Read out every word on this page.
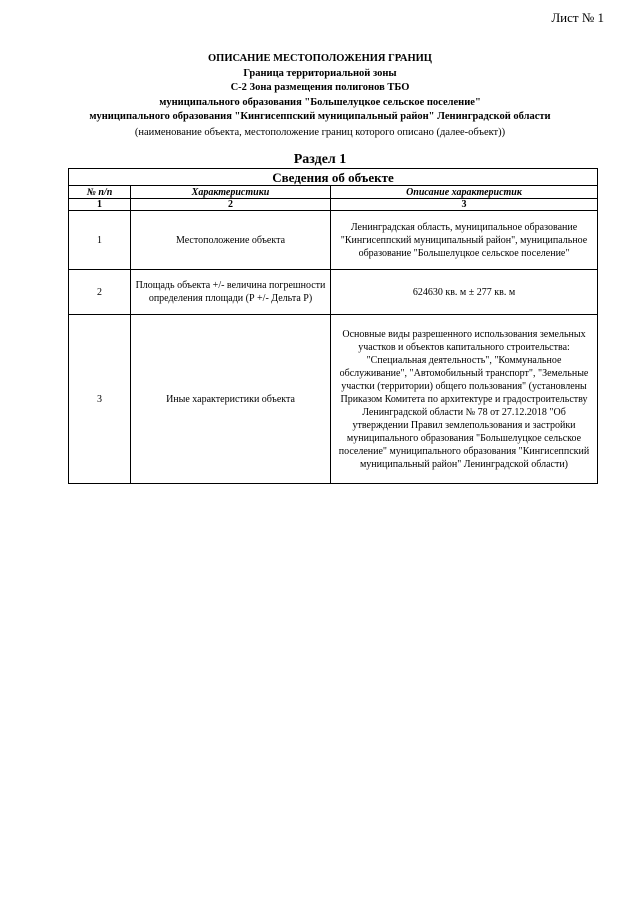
Лист № 1
ОПИСАНИЕ МЕСТОПОЛОЖЕНИЯ ГРАНИЦ
Граница территориальной зоны
С-2 Зона размещения полигонов ТБО
муниципального образования "Большелуцкое сельское поселение"
муниципального образования "Кингисеппский муниципальный район" Ленинградской области
(наименование объекта, местоположение границ которого описано (далее-объект))
Раздел 1
Сведения об объекте		
№ п/п	Характеристики	Описание характеристик
1	2	3
1	Местоположение объекта	Ленинградская область, муниципальное образование "Кингисеппский муниципальный район", муниципальное образование "Большелуцкое сельское поселение"
2	Площадь объекта +/- величина погрешности определения площади (Р +/- Дельта Р)	624630 кв. м ± 277 кв. м
3	Иные характеристики объекта	Основные виды разрешенного использования земельных участков и объектов капитального строительства: "Специальная деятельность", "Коммунальное обслуживание", "Автомобильный транспорт", "Земельные участки (территории) общего пользования" (установлены Приказом Комитета по архитектуре и градостроительству Ленинградской области № 78 от 27.12.2018 "Об утверждении Правил землепользования и застройки муниципального образования "Большелуцкое сельское поселение" муниципального образования "Кингисеппский муниципальный район" Ленинградской области)
